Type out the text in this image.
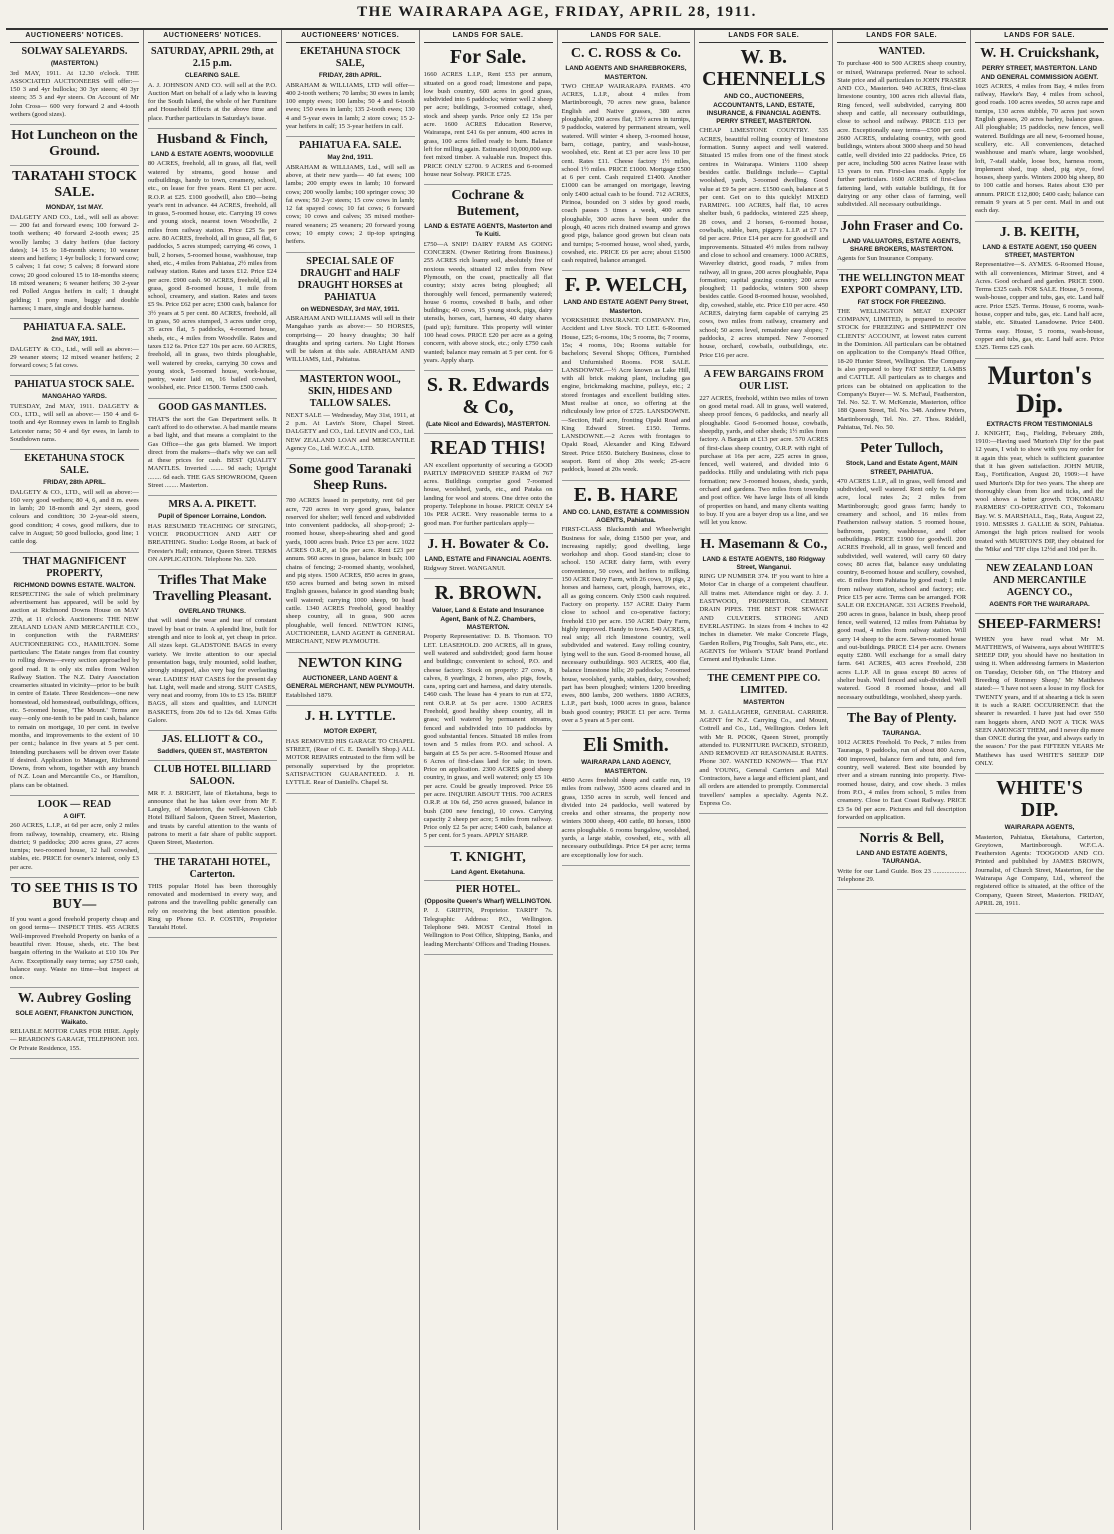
THE WAIRARAPA AGE, FRIDAY, APRIL 28, 1911.
AUCTIONEERS' NOTICES.
SOLWAY SALEYARDS.
(MASTERTON.)

3rd MAY, 1911. At 12.30 o'clock. THE ASSOCIATED AUCTIONEERS will offer:— 150 3 and 4yr bullocks; 30 3yr steers; 40 3yr steers; 35 3 and 4yr steers. On Account of Mr John Cross— 600 very forward 2 and 4-tooth wethers (good sizes).

Hot Luncheon on the Ground.
TARATAHI STOCK SALE.
MONDAY, 1st MAY.

DALGETY AND CO., Ltd., will sell as above:— 200 fat and forward ewes; 100 forward 2-tooth wethers; 40 forward 2-tooth ewes; 25 woolly lambs; 3 dairy heifers (due factory dates); 14 15 to 18-month steers; 10 weaner steers and heifers; 1 4yr bullock; 1 forward cow; 5 calves; 1 fat cow; 5 calves; 8 forward store cows; 20 good coloured 15 to 18-months steers; 18 mixed weaners; 6 weaner heifers; 30 2-year red Polled Angus heifers in calf; 1 draught gelding; 1 pony mare, buggy and double harness; 1 mare, single and double harness.

PAHIATUA F.A. SALE.
2nd MAY, 1911.

DALGETY & CO., Ltd., will sell as above:— 29 weaner steers; 12 mixed weaner heifers; 2 forward cows; 5 fat cows.

PAHIATUA STOCK SALE.
MANGAHAO YARDS.

TUESDAY, 2nd MAY, 1911. DALGETY & CO., LTD., will sell as above:— 150 4 and 6-tooth and 4yr Romney ewes in lamb to English Leicester rams; 50 4 and 6yr ewes, in lamb to Southdown rams.

EKETAHUNA STOCK SALE.
FRIDAY, 28th APRIL.

DALGETY & CO., LTD., will sell as above:— 160 very good wethers; 80 4, 6, and 8 m. ewes in lamb; 20 18-month and 2yr steers, good colours and condition; 30 2-year-old steers, good condition; 4 cows, good milkers, due to calve in August; 50 good bullocks, good line; 1 cattle dog.

THAT MAGNIFICENT PROPERTY,
RICHMOND DOWNS ESTATE. WALTON.

RESPECTING the sale of which preliminary advertisement has appeared, will be sold by auction at Richmond Downs House on MAY 27th, at 11 o'clock. Auctioneers: THE NEW ZEALAND LOAN AND MERCANTILE CO., in conjunction with the FARMERS' AUCTIONEERING CO., HAMILTON. Some particulars: The Estate ranges from flat country to rolling downs—every section approached by good road. It is only six miles from Walton Railway Station. The N.Z. Dairy Association creameries situated in vicinity—prior to be built in centre of Estate. Three Residences—one new homestead, old homestead, outbuildings, offices, etc. 5-roomed house, 'The Mount.' Terms are easy—only one-tenth to be paid in cash, balance to remain on mortgage, 10 per cent. in twelve months, and improvements to the extent of 10 per cent.; balance in five years at 5 per cent. Intending purchasers will be driven over Estate if desired. Application to Manager, Richmond Downs, from whom, together with any branch of N.Z. Loan and Mercantile Co., or Hamilton, plans can be obtained.

LOOK — READ
A GIFT.

260 ACRES, L.I.P., at 6d per acre, only 2 miles from railway, township, creamery, etc. Rising district; 9 paddocks; 200 acres grass, 27 acres turnips; two-roomed house, 12 hall cowshed, stables, etc. PRICE for owner's interest, only £3 per acre.

TO SEE THIS IS TO BUY—

If you want a good freehold property cheap and on good terms— INSPECT THIS. 455 ACRES Well-improved Freehold Property on banks of a beautiful river. House, sheds, etc. The best bargain offering in the Waikato at £10 10s Per Acre. Exceptionally easy terms; say £750 cash, balance easy. Waste no time—but inspect at once.

W. Aubrey Gosling
SOLE AGENT, FRANKTON JUNCTION, Waikato.

RELIABLE MOTOR CARS FOR HIRE. Apply— REARDON'S GARAGE, TELEPHONE 103. Or Private Residence, 155.

AUCTIONEERS' NOTICES.
SATURDAY, APRIL 29th, at 2.15 p.m.
CLEARING SALE.

A. J. JOHNSON AND CO. will sell at the P.O. Auction Mart on behalf of a lady who is leaving for the South Island, the whole of her Furniture and Household Effects at the above time and place. Further particulars in Saturday's issue.

Husband & Finch,
LAND & ESTATE AGENTS, WOODVILLE

80 ACRES, freehold, all in grass, all flat, well watered by streams, good house and outbuildings, handy to town, creamery, school, etc., on lease for five years. Rent £1 per acre. R.O.P. at £25. £100 goodwill, also £80—being year's rent in advance. 44 ACRES, freehold, all in grass, 5-roomed house, etc. Carrying 19 cows and young stock, nearest town Woodville, 2 miles from railway station. Price £25 5s per acre. 80 ACRES, freehold, all in grass, all flat, 6 paddocks, 5 acres stumped; carrying 46 cows, 1 bull, 2 horses, 5-roomed house, washhouse, trap shed, etc., 4 miles from Pahiatua, 2½ miles from railway station. Rates and taxes £12. Price £24 per acre. £900 cash. 90 ACRES, freehold, all in grass, good 8-roomed house, 1 mile from school, creamery, and station. Rates and taxes £5 9s. Price £62 per acre; £300 cash, balance for 3½ years at 5 per cent. 80 ACRES, freehold, all in grass, 50 acres stumped, 3 acres under crop, 35 acres flat, 5 paddocks, 4-roomed house, sheds, etc., 4 miles from Woodville. Rates and taxes £12 6s. Price £27 10s per acre. 60 ACRES, freehold, all in grass, two thirds ploughable, well watered by creeks, carrying 30 cows and young stock, 5-roomed house, work-house, pantry, water laid on, 16 bailed cowshed, woolshed, etc. Price £1500. Terms £500 cash.

GOOD GAS MANTLES.

THAT'S the sort the Gas Department sells. It can't afford to do otherwise. A bad mantle means a bad light, and that means a complaint to the Gas Office—the gas gets blamed. We import direct from the makers—that's why we can sell at these prices for cash. BEST QUALITY MANTLES. Inverted ........ 9d each; Upright ........ 6d each. THE GAS SHOWROOM, Queen Street ........ Masterton.

MRS A. A. PIKETT.
Pupil of Spencer Lorraine, London.

HAS RESUMED TEACHING OF SINGING, VOICE PRODUCTION AND ART OF BREATHING. Studio: Lodge Room, at back of Forester's Hall; entrance, Queen Street. TERMS ON APPLICATION. Telephone No. 320.

Trifles That Make Travelling Pleasant.
OVERLAND TRUNKS.

that will stand the wear and tear of constant travel by boat or train. A splendid line, built for strength and nice to look at, yet cheap in price. All sizes kept. GLADSTONE BAGS in every variety. We invite attention to our special presentation bags, truly mounted, solid leather, strongly strapped, also very bag for everlasting wear. LADIES' HAT CASES for the present day hat. Light, well made and strong. SUIT CASES, very neat and roomy, from 10s to £3 15s. BRIEF BAGS, all sizes and qualities, and LUNCH BASKETS, from 20s 6d to 12s 6d. Xmas Gifts Galore.

JAS. ELLIOTT & CO.,
Saddlers, QUEEN ST., MASTERTON
CLUB HOTEL BILLIARD SALOON.

MR F. J. BRIGHT, late of Eketahuna, begs to announce that he has taken over from Mr F. Langley, of Masterton, the well-known Club Hotel Billiard Saloon, Queen Street, Masterton, and trusts by careful attention to the wants of patrons to merit a fair share of public support. Queen Street, Masterton.

THE TARATAHI HOTEL, Carterton.

THIS popular Hotel has been thoroughly renovated and modernised in every way, and patrons and the travelling public generally can rely on receiving the best attention possible. Ring up Phone 63. P. COSTIN, Proprietor Taratahi Hotel.

AUCTIONEERS' NOTICES.
EKETAHUNA STOCK SALE,
FRIDAY, 28th APRIL.

ABRAHAM & WILLIAMS, LTD will offer— 400 2-tooth wethers; 70 lambs; 30 ewes in lamb; 100 empty ewes; 100 lambs; 50 4 and 6-tooth ewes; 150 ewes in lamb; 135 2-tooth ewes; 130 4 and 5-year ewes in lamb; 2 store cows; 15 2-year heifers in calf; 15 3-year heifers in calf.

PAHIATUA F.A. SALE.
May 2nd, 1911.

ABRAHAM & WILLIAMS, Ltd., will sell as above, at their new yards— 40 fat ewes; 100 lambs; 200 empty ewes in lamb; 10 forward cows; 200 woolly lambs; 100 springer cows; 30 fat ewes; 50 2-yr steers; 15 cow cows in lamb; 12 fat spayed cows; 10 fat cows; 6 forward cows; 10 cows and calves; 35 mixed mother-reared weaners; 25 weaners; 20 forward young cows; 10 empty cows; 2 tip-top springing heifers.

SPECIAL SALE OF DRAUGHT and HALF DRAUGHT HORSES at PAHIATUA
on WEDNESDAY, 3rd MAY, 1911.

ABRAHAM AND WILLIAMS will sell in their Mangahao yards as above:— 50 HORSES, comprising— 20 heavy draughts; 30 half draughts and spring carters. No Light Horses will be taken at this sale. ABRAHAM AND WILLIAMS, Ltd., Pahiatua.

MASTERTON WOOL, SKIN, HIDES AND TALLOW SALES.

NEXT SALE — Wednesday, May 31st, 1911, at 2 p.m. At Lavin's Store, Chapel Street. DALGETY and CO., Ltd. LEVIN and CO., Ltd. NEW ZEALAND LOAN and MERCANTILE Agency Co., Ltd. W.F.C.A., LTD.

Some good Taranaki Sheep Runs.

780 ACRES leased in perpetuity, rent 6d per acre, 720 acres in very good grass, balance reserved for shelter; well fenced and subdivided into convenient paddocks, all shop-proof; 2-roomed house, sheep-shearing shed and good yards, 1000 acres bush. Price £3 per acre. 1022 ACRES O.R.P., at 10s per acre. Rent £23 per annum. 960 acres in grass, balance in bush; 100 chains of fencing; 2-roomed shanty, woolshed, and pig styes. 1500 ACRES, 850 acres in grass, 650 acres burned and being sown in mixed English grasses, balance in good standing bush; well watered; carrying 1000 sheep, 90 head cattle. 1340 ACRES Freehold, good healthy sheep country, all in grass, 900 acres ploughable, well fenced. NEWTON KING, AUCTIONEER, LAND AGENT & GENERAL MERCHANT, NEW PLYMOUTH.

NEWTON KING
AUCTIONEER, LAND AGENT & GENERAL MERCHANT, NEW PLYMOUTH.

Established 1879.

J. H. LYTTLE.
MOTOR EXPERT,

HAS REMOVED HIS GARAGE TO CHAPEL STREET, (Rear of C. E. Daniell's Shop.) ALL MOTOR REPAIRS entrusted to the firm will be personally supervised by the proprietor. SATISFACTION GUARANTEED. J. H. LYTTLE. Rear of Daniell's. Chapel St.

LANDS FOR SALE.
For Sale.

1660 ACRES L.I.P., Rent £53 per annum, situated on a good road; limestone and papa, low bush country, 600 acres in good grass, subdivided into 6 paddocks; winter well 2 sheep per acre; buildings, 3-roomed cottage, shed, stock and sheep yards. Price only £2 15s per acre. 1600 ACRES Education Reserve, Wairarapa, rent £41 6s per annum, 400 acres in grass, 100 acres felled ready to burn. Balance left for milling again. Estimated 10,000,000 sup. feet mixed timber. A valuable run. Inspect this. PRICE ONLY £2700. 9 ACRES and 6-roomed house near Solway. PRICE £725.

Cochrane & Butement,
LAND & ESTATE AGENTS, Masterton and Te Kuiti.

£750—A SNIP! DAIRY FARM AS GOING CONCERN. (Owner Retiring from Business.) 255 ACRES rich loamy soil, absolutely free of noxious weeds, situated 12 miles from New Plymouth, on the coast, practically all flat country; sixty acres being ploughed; all thoroughly well fenced, permanently watered; house 6 rooms, cowshed 8 bails, and other buildings; 40 cows, 15 young stock, pigs, dairy utensils, horses, cart, harness, 40 dairy shares (paid up); furniture. This property will winter 100 head cows. PRICE £20 per acre as a going concern, with above stock, etc.; only £750 cash wanted; balance may remain at 5 per cent. for 6 years. Apply sharp.

S. R. Edwards & Co,
(Late Nicol and Edwards), MASTERTON.
READ THIS!

AN excellent opportunity of securing a GOOD PARTLY IMPROVED SHEEP FARM of 767 acres. Buildings comprise good 7-roomed house, woolshed, yards, etc., and Pataka on landing for wool and stores. One drive onto the property. Telephone in house. PRICE ONLY £4 10s PER ACRE. Very reasonable terms to a good man. For further particulars apply—

J. H. Bowater & Co.
LAND, ESTATE and FINANCIAL AGENTS.

Ridgway Street. WANGANUI.

R. BROWN.
Valuer, Land & Estate and Insurance Agent, Bank of N.Z. Chambers, MASTERTON.

Property Representative: D. B. Thomson. TO LET. LEASEHOLD. 200 ACRES, all in grass, well watered and subdivided; good farm house and buildings; convenient to school, P.O. and cheese factory. Stock on property: 27 cows, 8 calves, 8 yearlings, 2 horses, also pigs, fowls, cans, spring cart and harness, and dairy utensils. £460 cash. The lease has 4 years to run at £72, rent O.R.P. at 5s per acre. 1300 ACRES Freehold, good healthy sheep country, all in grass; well watered by permanent streams, fenced and subdivided into 10 paddocks by good substantial fences. Situated 18 miles from town and 5 miles from P.O. and school. A bargain at £5 5s per acre. 5-Roomed House and 6 Acres of first-class land for sale; in town. Price on application. 2300 ACRES good sheep country, in grass, and well watered; only £5 10s per acre. Could be greatly improved. Price £6 per acre. INQUIRE ABOUT THIS. 700 ACRES O.R.P. at 10s 6d, 250 acres grassed, balance in bush (200 new fencing), 10 cows. Carrying capacity 2 sheep per acre; 5 miles from railway. Price only £2 5s per acre; £400 cash, balance at 5 per cent. for 5 years. APPLY SHARP.

T. KNIGHT,
Land Agent. Eketahuna.
PIER HOTEL.
(Opposite Queen's Wharf) WELLINGTON.

P. J. GRIFFIN, Proprietor. TARIFF 7s. Telegraphic Address: P.O., Wellington. Telephone 949. MOST Central Hotel in Wellington to Post Office, Shipping, Banks, and leading Merchants' Offices and Trading Houses.

LANDS FOR SALE.
C. C. ROSS & Co.
LAND AGENTS AND SHAREBROKERS, MASTERTON.

TWO CHEAP WAIRARAPA FARMS. 470 ACRES, L.I.P., about 4 miles from Martinborough, 70 acres new grass, balance English and Native grasses, 380 acres ploughable, 200 acres flat, 13½ acres in turnips, 9 paddocks, watered by permanent stream, well watered. Will winter 4 sheep, 3-roomed house, barn, cottage, pantry, and wash-house, woolshed, etc. Rent at £3 per acre less 10 per cent. Rates £11. Cheese factory 1½ miles, school 1½ miles. PRICE £1000. Mortgage £500 at 6 per cent. Cash required £1400. Another £1000 can be arranged on mortgage, leaving only £400 actual cash to be found. 712 ACRES, Pirinoa, bounded on 3 sides by good roads, coach passes 3 times a week, 400 acres ploughable, 300 acres have been under the plough, 40 acres rich drained swamp and grows good pigs, balance good grown but clean oats and turnips; 5-roomed house, wool shed, yards, cowshed, etc. PRICE £6 per acre; about £1500 cash required, balance arranged.

F. P. WELCH,
LAND AND ESTATE AGENT Perry Street, Masterton.

YORKSHIRE INSURANCE COMPANY. Fire, Accident and Live Stock. TO LET. 6-Roomed House, £25; 6-rooms, 10s; 5 rooms, 8s; 7 rooms, 15s; 4 rooms, 10s; Rooms suitable for bachelors; Several Shops; Offices, Furnished and Unfurnished Rooms. FOR SALE. LANSDOWNE.—½ Acre known as Lake Hill, with all brick making plant, including gas engine, brickmaking machine, pulleys, etc.; 2 stored frontages and excellent building sites. Must realise at once, so offering at the ridiculously low price of £725. LANSDOWNE.—Section, Half acre, fronting Opaki Road and King Edward Street. £150. Terms. LANSDOWNE.—2 Acres with frontages to Opaki Road, Alexander and King Edward Street. Price £650. Butchery Business, close to seaport. Rent of shop 20s week; 25-acre paddock, leased at 20s week.

E. B. HARE
AND CO. LAND, ESTATE & COMMISSION AGENTS, Pahiatua.

FIRST-CLASS Blacksmith and Wheelwright Business for sale, doing £1500 per year, and increasing rapidly; good dwelling, large workshop and shop. Good stand-in; close to school. 150 ACRE dairy farm, with every convenience, 50 cows, and heifers to milking. 150 ACRE Dairy Farm, with 26 cows, 19 pigs, 2 horses and harness, cart, plough, harrows, etc., all as going concern. Only £500 cash required. Factory on property. 157 ACRE Dairy Farm close to school and co-operative factory; freehold £10 per acre. 150 ACRE Dairy Farm, highly improved. Handy to town. 540 ACRES, a real snip; all rich limestone country, well subdivided and watered. Easy rolling country, lying well to the sun. Good 8-roomed house, all necessary outbuildings. 903 ACRES, 400 flat, balance limestone hills; 20 paddocks; 7-roomed house, woolshed, yards, stables, dairy, cowshed; part has been ploughed; winters 1200 breeding ewes, 800 lambs, 200 wethers. 1880 ACRES, L.I.P., part bush, 1000 acres in grass, balance bush good country; PRICE £1 per acre. Terms over a 5 years at 5 per cent.

Eli Smith.
WAIRARAPA LAND AGENCY, MASTERTON.

4850 Acres freehold sheep and cattle run, 19 miles from railway, 3500 acres cleared and in grass, 1350 acres in scrub, well fenced and divided into 24 paddocks, well watered by creeks and other streams, the property now winters 3000 sheep, 400 cattle, 80 horses, 1800 acres ploughable. 6 rooms bungalow, woolshed, yards, a large stable, cowshed, etc., with all necessary outbuildings. Price £4 per acre; terms are exceptionally low for such.

LANDS FOR SALE.
W. B. CHENNELLS
AND CO., AUCTIONEERS, ACCOUNTANTS, LAND, ESTATE, INSURANCE, & FINANCIAL AGENTS. PERRY STREET, MASTERTON.

CHEAP LIMESTONE COUNTRY. 535 ACRES, beautiful rolling country of limestone formation. Sunny aspect and well watered. Situated 15 miles from one of the finest stock centres in Wairarapa. Winters 1100 sheep besides cattle. Buildings include— Capital woolshed, yards, 3-roomed dwelling. Good value at £9 5s per acre. £1500 cash, balance at 5 per cent. Get on to this quickly! MIXED FARMING. 100 ACRES, half flat, 10 acres shelter bush, 6 paddocks, wintered 225 sheep, 28 cows, and 2 horses, 6-roomed house, cowbails, stable, barn, piggery. L.I.P. at £7 17s 6d per acre. Price £14 per acre for goodwill and improvements. Situated 4½ miles from railway and close to school and creamery. 1000 ACRES, Waverley district, good roads, 7 miles from railway, all in grass, 200 acres ploughable, Papa formation; capital grazing country; 200 acres ploughed; 11 paddocks, winters 900 sheep besides cattle. Good 8-roomed house, woolshed, dip, cowshed, stable, etc. Price £10 per acre. 450 ACRES, dairying farm capable of carrying 25 cows, two miles from railway, creamery and school; 50 acres level, remainder easy slopes; 7 paddocks, 2 acres stumped. New 7-roomed house, orchard, cowbails, outbuildings, etc. Price £16 per acre.

A FEW BARGAINS FROM OUR LIST.

227 ACRES, freehold, within two miles of town on good metal road. All in grass, well watered, sheep proof fences, 6 paddocks, and nearly all ploughable. Good 6-roomed house, cowbails, sheepdip, yards, and other sheds; 1½ miles from factory. A Bargain at £13 per acre. 570 ACRES of first-class sheep country, O.R.P. with right of purchase at 16s per acre, 225 acres in grass, fenced, well watered, and divided into 6 paddocks. Hilly and undulating with rich papa formation; new 3-roomed houses, sheds, yards, orchard and gardens. Two miles from township and post office. We have large lists of all kinds of properties on hand, and many clients waiting to buy. If you are a buyer drop us a line, and we will let you know.

H. Masemann & Co.,
LAND & ESTATE AGENTS, 180 Ridgway Street, Wanganui.

RING UP NUMBER 374. IF you want to hire a Motor Car in charge of a competent chauffeur. All trains met. Attendance night or day. J. J. EASTWOOD, PROPRIETOR. CEMENT DRAIN PIPES. THE BEST FOR SEWAGE AND CULVERTS. STRONG AND EVERLASTING. In sizes from 4 inches to 42 inches in diameter. We make Concrete Flags, Garden Rollers, Pig Troughs, Salt Pans, etc., etc. AGENTS for Wilson's 'STAR' brand Portland Cement and Hydraulic Lime.

THE CEMENT PIPE CO. LIMITED.
MASTERTON

M. J. GALLAGHER, GENERAL CARRIER. AGENT for N.Z. Carrying Co., and Mount, Cottrell and Co., Ltd., Wellington. Orders left with Mr R. POOK, Queen Street, promptly attended to. FURNITURE PACKED, STORED, AND REMOVED AT REASONABLE RATES. Phone 307. WANTED KNOWN— That FLY and YOUNG, General Carriers and Mail Contractors, have a large and efficient plant, and all orders are attended to promptly. Commercial travellers' samples a specialty. Agents N.Z. Express Co.

LANDS FOR SALE.
WANTED.

To purchase 400 to 500 ACRES sheep country, or mixed, Wairarapa preferred. Near to school. State price and all particulars to JOHN FRASER AND CO., Masterton. 940 ACRES, first-class limestone country, 100 acres rich alluvial flats, Ring fenced, well subdivided, carrying 800 sheep and cattle, all necessary outbuildings, close to school and railway. PRICE £13 per acre. Exceptionally easy terms—£500 per cent. 2600 ACRES, undulating country, with good buildings, winters about 3000 sheep and 50 head cattle, well divided into 22 paddocks. Price, £6 per acre, including 500 acres Native lease with 13 years to run. First-class roads. Apply for further particulars. 1600 ACRES of first-class fattening land, with suitable buildings, fit for dairying or any other class of farming, well subdivided. All necessary outbuildings.

John Fraser and Co.
LAND VALUATORS, ESTATE AGENTS, SHARE BROKERS, MASTERTON.

Agents for Sun Insurance Company.

THE WELLINGTON MEAT EXPORT COMPANY, LTD.
FAT STOCK FOR FREEZING.

THE WELLINGTON MEAT EXPORT COMPANY, LIMITED, is prepared to receive STOCK for FREEZING and SHIPMENT ON CLIENTS' ACCOUNT, at lowest rates current in the Dominion. All particulars can be obtained on application to the Company's Head Office, 18-20 Hunter Street, Wellington. The Company is also prepared to buy FAT SHEEP, LAMBS and CATTLE. All particulars as to charges and prices can be obtained on application to the Company's Buyer— W. S. McFaul, Featherston, Tel. No. 52. T. W. McKenzie, Masterton, office 188 Queen Street, Tel. No. 348. Andrew Peters, Martinborough, Tel. No. 27. Thos. Riddell, Pahiatua, Tel. No. 50.

Peter Tulloch,
Stock, Land and Estate Agent, MAIN STREET, PAHIATUA.

470 ACRES L.I.P., all in grass, well fenced and subdivided, well watered. Rent only 6s 6d per acre, local rates 2s; 2 miles from Martinborough; good grass farm; handy to creamery and school, and 16 miles from Featherston railway station. 5 roomed house, bathroom, pantry, washhouse, and other outbuildings. PRICE £1900 for goodwill. 200 ACRES Freehold, all in grass, well fenced and subdivided, well watered, will carry 60 dairy cows; 80 acres flat, balance easy undulating country, 8-roomed house and scullery, cowshed, etc. 8 miles from Pahiatua by good road; 1 mile from railway station, school and factory; etc. Price £15 per acre. Terms can be arranged. FOR SALE OR EXCHANGE. 331 ACRES Freehold, 290 acres in grass, balance in bush, sheep proof fence, well watered, 12 miles from Pahiatua by good road, 4 miles from railway station. Will carry 14 sheep to the acre. Seven-roomed house and out-buildings. PRICE £14 per acre. Owners equity £280. Will exchange for a small dairy farm. 641 ACRES, 403 acres Freehold, 238 acres L.I.P. All in grass except 80 acres of shelter bush. Well fenced and sub-divided. Well watered. Good 8 roomed house, and all necessary outbuildings, woolshed, sheep yards.

The Bay of Plenty.
TAURANGA.

1012 ACRES Freehold. To Peck, 7 miles from Tauranga, 9 paddocks, run of about 800 Acres, 400 improved, balance fern and tutu, and fern country, well watered. Best site bounded by river and a stream running into property. Five-roomed house, dairy, and cow sheds. 3 miles from P.O., 4 miles from school, 5 miles from creamery. Close to East Coast Railway. PRICE £3 5s 0d per acre. Pictures and full description forwarded on application.

Norris & Bell,
LAND AND ESTATE AGENTS, TAURANGA.

Write for our Land Guide. Box 23 .................... Telephone 29.

LANDS FOR SALE.
W. H. Cruickshank,
PERRY STREET, MASTERTON. LAND AND GENERAL COMMISSION AGENT.

1025 ACRES, 4 miles from Bay, 4 miles from railway, Hawke's Bay, 4 miles from school, good roads. 100 acres swedes, 50 acres rape and turnips, 130 acres stubble, 70 acres just sown English grasses, 20 acres harley, balance grass. All ploughable; 15 paddocks, new fences, well watered. Buildings are all new, 6-roomed house, scullery, etc. All conveniences, detached washhouse and man's whare, large woolshed, loft, 7-stall stable, loose box, harness room, implement shed, trap shed, pig stye, fowl houses, sheep yards. Winters 2000 big sheep, 80 to 100 cattle and horses. Rates about £30 per annum. PRICE £12,800; £400 cash; balance can remain 9 years at 5 per cent. Mail in and out each day.

J. B. KEITH,
LAND & ESTATE AGENT, 150 QUEEN STREET, MASTERTON

Representative—S. AYMES. 6-Roomed House, with all conveniences, Mirimar Street, and 4 Acres. Good orchard and garden. PRICE £900. Terms £325 cash. FOR SALE. House, 5 rooms, wash-house, copper and tubs, gas, etc. Land half acre. Price £525. Terms. House, 6 rooms, wash-house, copper and tubs, gas, etc. Land half acre, stable, etc. Situated Lansdowne. Price £400. Terms easy. House, 5 rooms, wash-house, copper and tubs, gas, etc. Land half acre. Price £325. Terms £25 cash.

Murton's Dip.
EXTRACTS FROM TESTIMONIALS

J. KNIGHT, Esq., Fielding, February 28th, 1910:—Having used 'Murton's Dip' for the past 12 years, I wish to show with you my order for it again this year, which is sufficient guarantee that it has given satisfaction. JOHN MUIR, Esq., Fortification, August 20, 1909:—I have used Murton's Dip for two years. The sheep are thoroughly clean from lice and ticks, and the wool shows a better growth. TOKOMARU FARMERS' CO-OPERATIVE CO., Tokomaru Bay. W. S. MARSHALL, Esq., Rata, August 22, 1910. MESSRS J. GALLIE & SON, Pahiatua. Amongst the high prices realised for wools treated with MURTON'S DIP, they obtained for the 'Mika' and 'TH' clips 12½d and 10d per lb.

NEW ZEALAND LOAN AND MERCANTILE AGENCY CO.,
AGENTS FOR THE WAIRARAPA.
SHEEP-FARMERS!

WHEN you have read what Mr M. MATTHEWS, of Waiwera, says about WHITE'S SHEEP DIP, you should have no hesitation in using it. When addressing farmers in Masterton on Tuesday, October 6th, on 'The History and Breeding of Romney Sheep,' Mr Matthews stated:— 'I have not seen a louse in my flock for TWENTY years, and if at shearing a tick is seen it is such a RARE OCCURRENCE that the shearer is rewarded. I have just had over 550 ram hoggets shorn, AND NOT A TICK WAS SEEN AMONGST THEM, and I never dip more than ONCE during the year, and always early in the season.' For the past FIFTEEN YEARS Mr Matthews has used WHITE'S SHEEP DIP ONLY.

WHITE'S DIP.
WAIRARAPA AGENTS,

Masterton, Pahiatua, Eketahuna, Carterton, Greytown, Martinborough. W.F.C.A. Featherston Agents: TOOGOOD AND CO. Printed and published by JAMES BROWN, Journalist, of Church Street, Masterton, for the Wairarapa Age Company, Ltd., whereof the registered office is situated, at the office of the Company, Queen Street, Masterton. FRIDAY, APRIL 28, 1911.
